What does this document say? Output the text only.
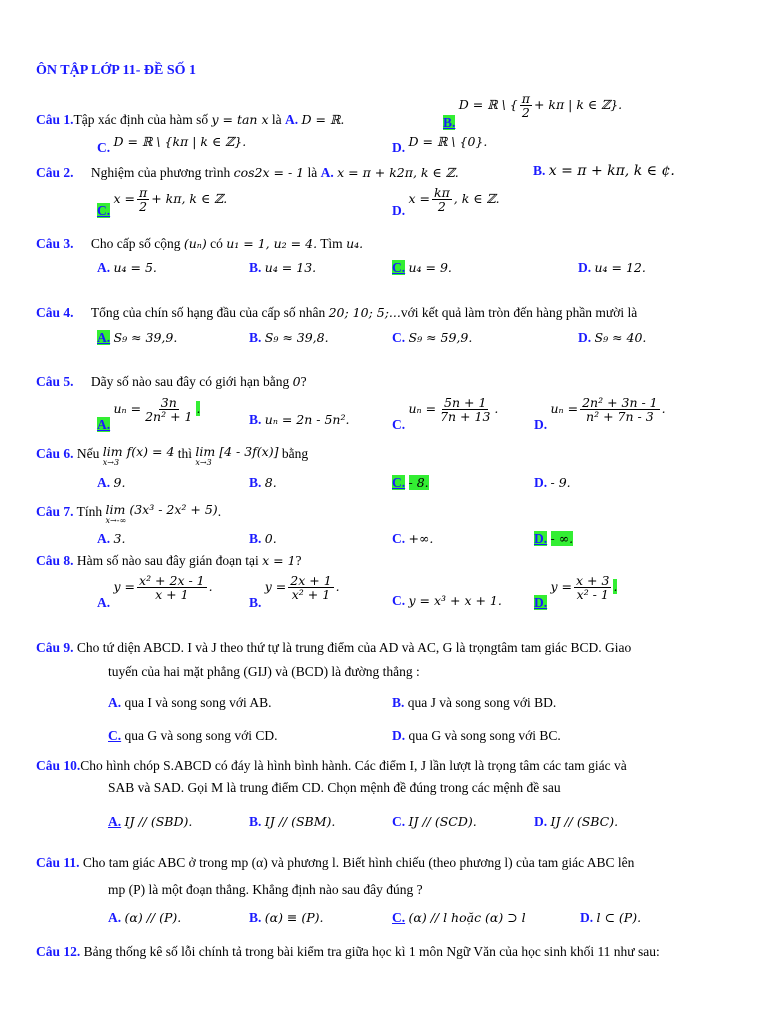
ÔN TẬP LỚP 11- ĐỀ SỐ 1
Câu 1.Tập xác định của hàm số y = tan x là A. D = ℝ.	B. D = ℝ \ { $\frac{\pi}{2} + k\pi$ | k ∈ ℤ}.
C. D = ℝ \ {kπ | k ∈ ℤ}.	D. D = ℝ \ {0}.
Câu 2. Nghiệm của phương trình cos2x = - 1 là A. x = π + k2π, k ∈ ℤ.	B. x = π + kπ, k ∈ ¢.
C. $x = \frac{\pi}{2} + k\pi$, k ∈ ℤ.
D. $x = \frac{k\pi}{2}$ , k ∈ ℤ.
Câu 3. Cho cấp số cộng (uₙ) có u₁ = 1, u₂ = 4. Tìm u₄.
A. u₄ = 5.	B. u₄ = 13.	C. u₄ = 9.	D. u₄ = 12.
Câu 4. Tổng của chín số hạng đầu của cấp số nhân 20; 10; 5;...với kết quả làm tròn đến hàng phần mười là
A. S₉ ≈ 39,9.	B. S₉ ≈ 39,8.	C. S₉ ≈ 59,9.	D. S₉ ≈ 40.
Câu 5. Dãy số nào sau đây có giới hạn bằng 0?
A. $u_n = \frac{3n}{\text{2n² + 1}}$ .
B. uₙ = 2n - 5n².	C. $u_n = \frac{5n + 1}{7n + 13}$ .
D. $u_n = \frac{\text{2n² + 3n - 1}}{\text{n² + 7n - 3}}$ .
Câu 6. Nếu lim f(x) = 4
x→3
thì lim [4 - 3f(x)]
x→3
bằng
A. 9.	B. 8.	C. - 8.	D. - 9.
Câu 7. Tính lim (3x³ - 2x² + 5)
x→-∞
.
A. 3.	B. 0.	C. +∞.	D. - ∞.
Câu 8. Hàm số nào sau đây gián đoạn tại x = 1?
A. $y = \frac{\text{x² + 2x - 1}}{x + 1}$ .
B. $y = \frac{2x + 1}{\text{x² + 1}}$ .
C. y = x³ + x + 1. D. $y = \frac{x + 3}{\text{x² - 1}}$ .
Câu 9. Cho tứ diện ABCD. I và J theo thứ tự là trung điểm của AD và AC, G là trọngtâm tam giác BCD. Giao
tuyến của hai mặt phẳng (GIJ) và (BCD) là đường thẳng :
A. qua I và song song với AB.	B. qua J và song song với BD.
C. qua G và song song với CD.	D. qua G và song song với BC.
Câu 10.Cho hình chóp S.ABCD có đáy là hình bình hành. Các điểm I, J lần lượt là trọng tâm các tam giác và
SAB và SAD. Gọi M là trung điểm CD. Chọn mệnh đề đúng trong các mệnh đề sau
A. IJ // (SBD).	B. IJ // (SBM).	C. IJ // (SCD).	D. IJ // (SBC).
Câu 11. Cho tam giác ABC ở trong mp (α) và phương l. Biết hình chiếu (theo phương l) của tam giác ABC lên
mp (P) là một đoạn thẳng. Khẳng định nào sau đây đúng ?
A. (α) // (P).	B. (α) ≡ (P).	C. (α) // l hoặc (α) ⊃ l	D. l ⊂ (P).
Câu 12. Bảng thống kê số lỗi chính tả trong bài kiểm tra giữa học kì 1 môn Ngữ Văn của học sinh khối 11 như sau:
